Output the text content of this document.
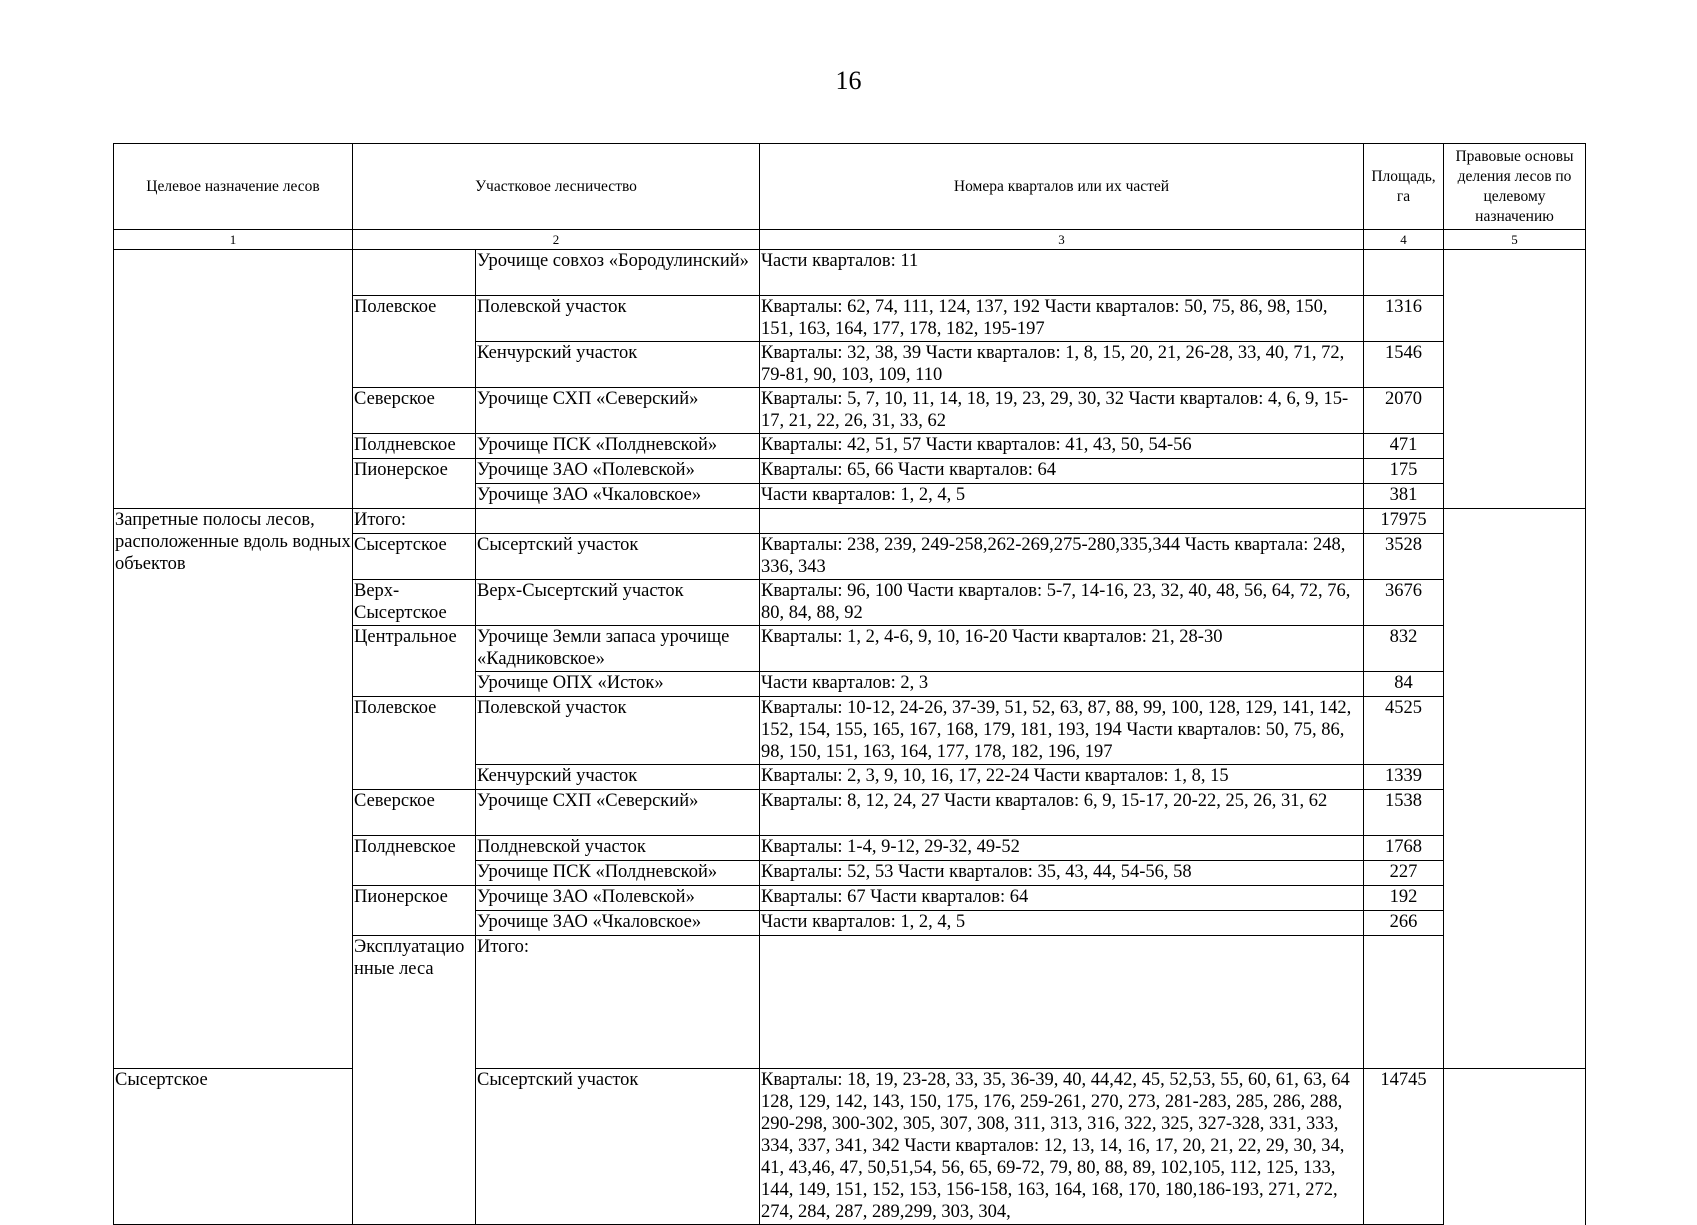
16
Целевое назначение лесов	Участковое лесничество		Номера кварталов или их частей	Площадь, га	Правовые основы деления лесов по целевому назначению	
1	2		3	4	5	
		Урочище совхоз «Бородулинский»	Части кварталов: 11			
	Полевское	Полевской участок	Кварталы: 62, 74, 111, 124, 137, 192 Части кварталов: 50, 75, 86, 98, 150, 151, 163, 164, 177, 178, 182, 195-197	1316		
		Кенчурский участок	Кварталы: 32, 38, 39 Части кварталов: 1, 8, 15, 20, 21, 26-28, 33, 40, 71, 72, 79-81, 90, 103, 109, 110	1546		
	Северское	Урочище СХП «Северский»	Кварталы: 5, 7, 10, 11, 14, 18, 19, 23, 29, 30, 32 Части кварталов: 4, 6, 9, 15-17, 21, 22, 26, 31, 33, 62	2070		
	Полдневское	Урочище ПСК «Полдневской»	Кварталы: 42, 51, 57 Части кварталов: 41, 43, 50, 54-56	471		
	Пионерское	Урочище ЗАО «Полевской»	Кварталы: 65, 66 Части кварталов: 64	175		
		Урочище ЗАО «Чкаловское»	Части кварталов: 1, 2, 4, 5	381		
Запретные полосы лесов, расположенные вдоль водных объектов	Итого:			17975		
	Сысертское	Сысертский участок	Кварталы: 238, 239, 249-258,262-269,275-280,335,344 Часть квартала: 248, 336, 343	3528		
	Верх-Сысертское	Верх-Сысертский участок	Кварталы: 96, 100 Части кварталов: 5-7, 14-16, 23, 32, 40, 48, 56, 64, 72, 76, 80, 84, 88, 92	3676		
	Центральное	Урочище Земли запаса урочище «Кадниковское»	Кварталы: 1, 2, 4-6, 9, 10, 16-20 Части кварталов: 21, 28-30	832		
		Урочище ОПХ «Исток»	Части кварталов: 2, 3	84		
	Полевское	Полевской участок	Кварталы: 10-12, 24-26, 37-39, 51, 52, 63, 87, 88, 99, 100, 128, 129, 141, 142, 152, 154, 155, 165, 167, 168, 179, 181, 193, 194 Части кварталов: 50, 75, 86, 98, 150, 151, 163, 164, 177, 178, 182, 196, 197	4525		
		Кенчурский участок	Кварталы: 2, 3, 9, 10, 16, 17, 22-24 Части кварталов: 1, 8, 15	1339		
	Северское	Урочище СХП «Северский»	Кварталы: 8, 12, 24, 27 Части кварталов: 6, 9, 15-17, 20-22, 25, 26, 31, 62	1538		
	Полдневское	Полдневской участок	Кварталы: 1-4, 9-12, 29-32, 49-52	1768		
		Урочище ПСК «Полдневской»	Кварталы: 52, 53 Части кварталов: 35, 43, 44, 54-56, 58	227		
	Пионерское	Урочище ЗАО «Полевской»	Кварталы: 67 Части кварталов: 64	192		
		Урочище ЗАО «Чкаловское»	Части кварталов: 1, 2, 4, 5	266		
	Эксплуатационные леса	Итого:				
Сысертское		Сысертский участок	Кварталы: 18, 19, 23-28, 33, 35, 36-39, 40, 44,42, 45, 52,53, 55, 60, 61, 63, 64 128, 129, 142, 143, 150, 175, 176, 259-261, 270, 273, 281-283, 285, 286, 288, 290-298, 300-302, 305, 307, 308, 311, 313, 316, 322, 325, 327-328, 331, 333, 334, 337, 341, 342 Части кварталов: 12, 13, 14, 16, 17, 20, 21, 22, 29, 30, 34, 41, 43,46, 47, 50,51,54, 56, 65, 69-72, 79, 80, 88, 89, 102,105, 112, 125, 133, 144, 149, 151, 152, 153, 156-158, 163, 164, 168, 170, 180,186-193, 271, 272, 274, 284, 287, 289,299, 303, 304,	14745		
